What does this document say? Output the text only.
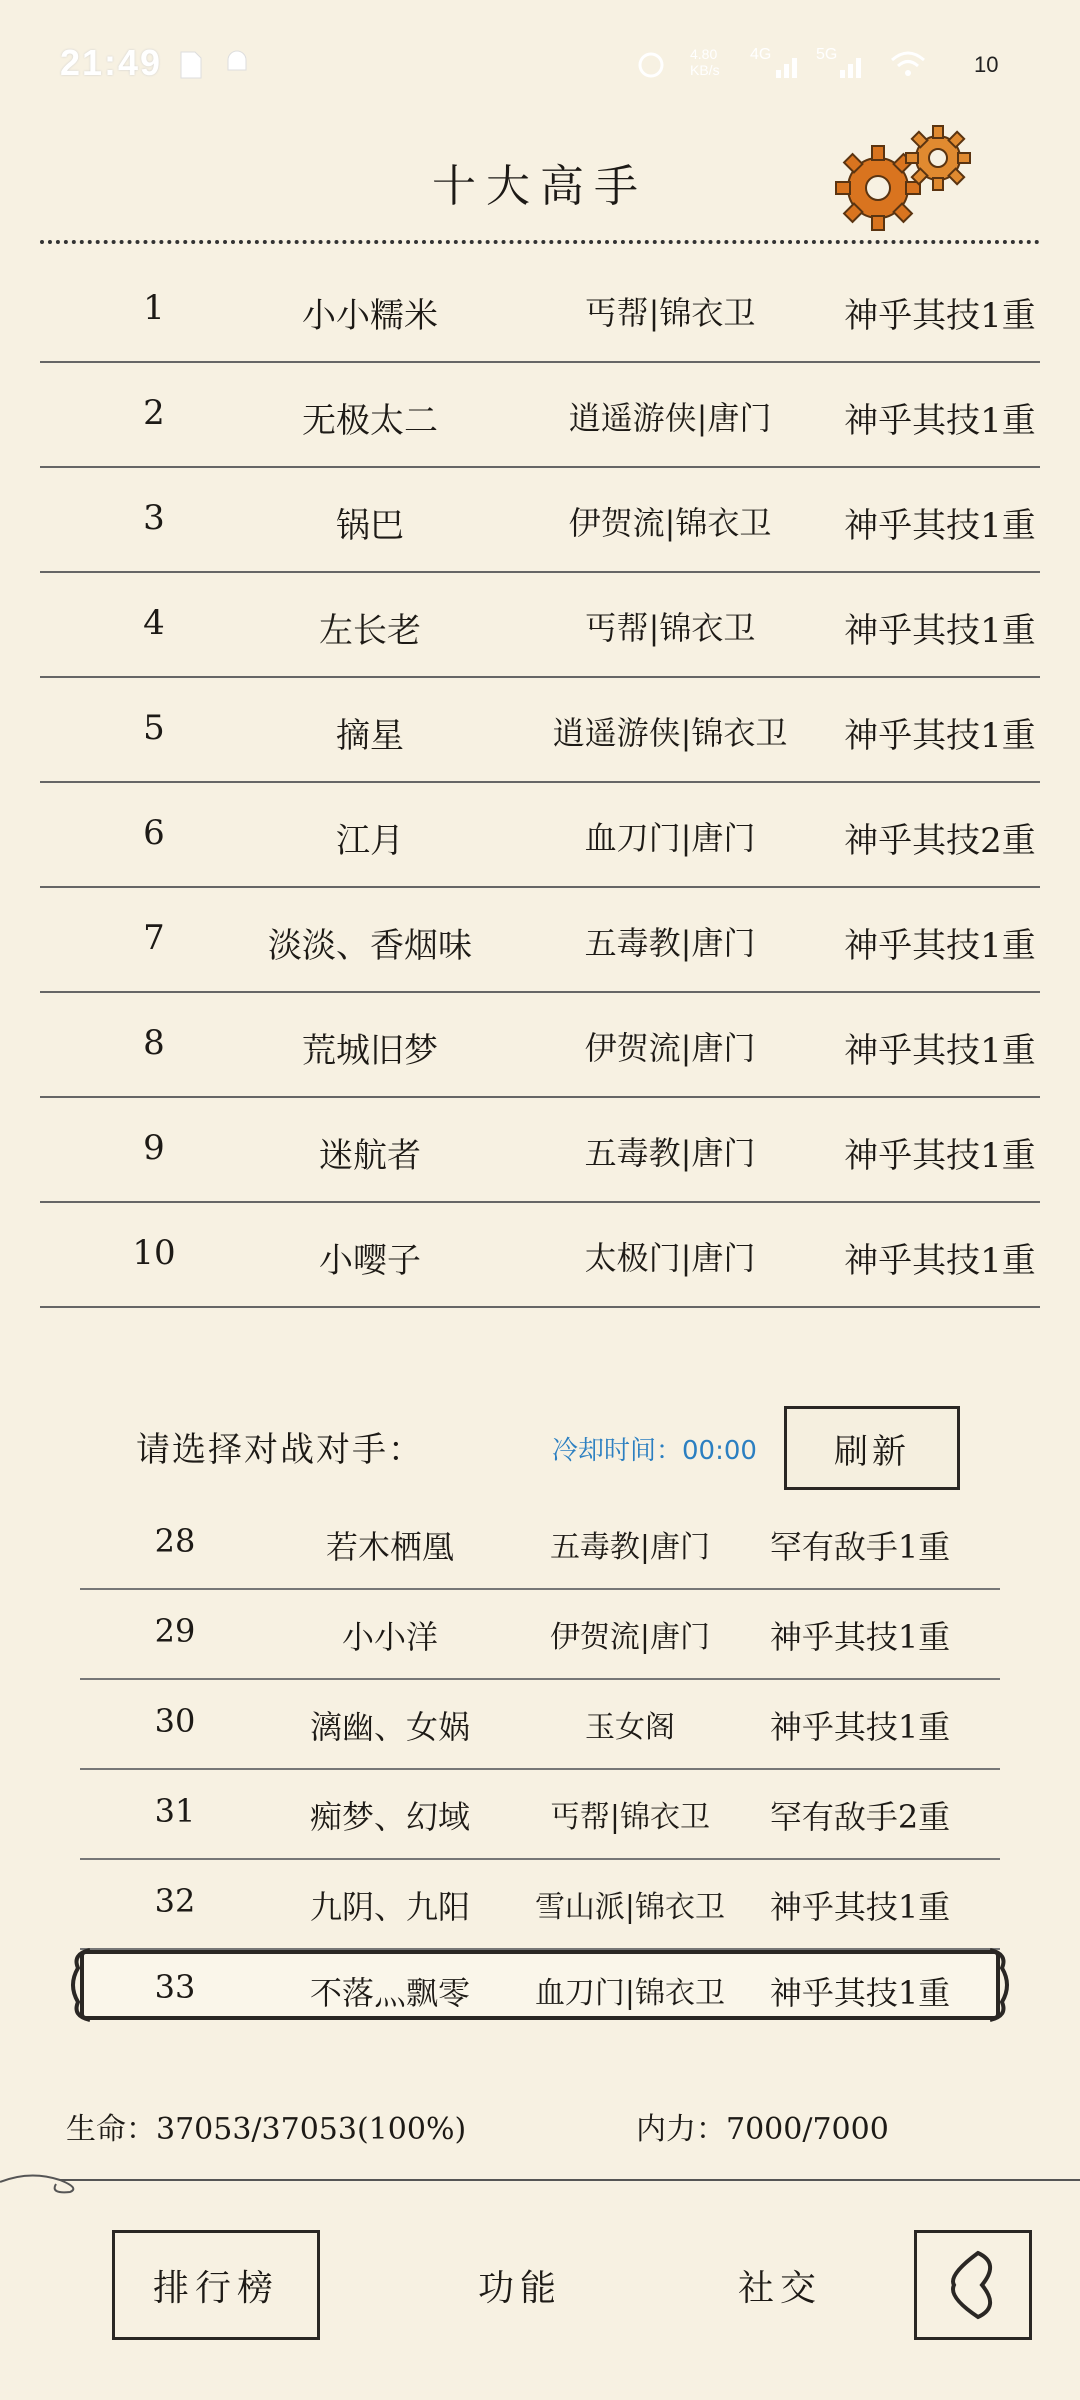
21:49	4.80 KB/s
4G	5G	10
十大高手
1	小小糯米	丐帮|锦衣卫	神乎其技1重
2	无极太二	逍遥游侠|唐门	神乎其技1重
3	锅巴	伊贺流|锦衣卫	神乎其技1重
4	左长老	丐帮|锦衣卫	神乎其技1重
5	摘星	逍遥游侠|锦衣卫	神乎其技1重
6	江月	血刀门|唐门	神乎其技2重
7	淡淡、香烟味	五毒教|唐门	神乎其技1重
8	荒城旧梦	伊贺流|唐门	神乎其技1重
9	迷航者	五毒教|唐门	神乎其技1重
10	小嘤子	太极门|唐门	神乎其技1重
请选择对战对手：	冷却时间：00:00	刷新
28	若木栖凰	五毒教|唐门	罕有敌手1重
29	小小洋	伊贺流|唐门	神乎其技1重
30	漓幽、女娲	玉女阁	神乎其技1重
31	痴梦、幻域	丐帮|锦衣卫	罕有敌手2重
32	九阴、九阳	雪山派|锦衣卫	神乎其技1重
33	不落灬飘零	血刀门|锦衣卫	神乎其技1重
生命：37053/37053(100%)	内力：7000/7000
排行榜	功能	社交
